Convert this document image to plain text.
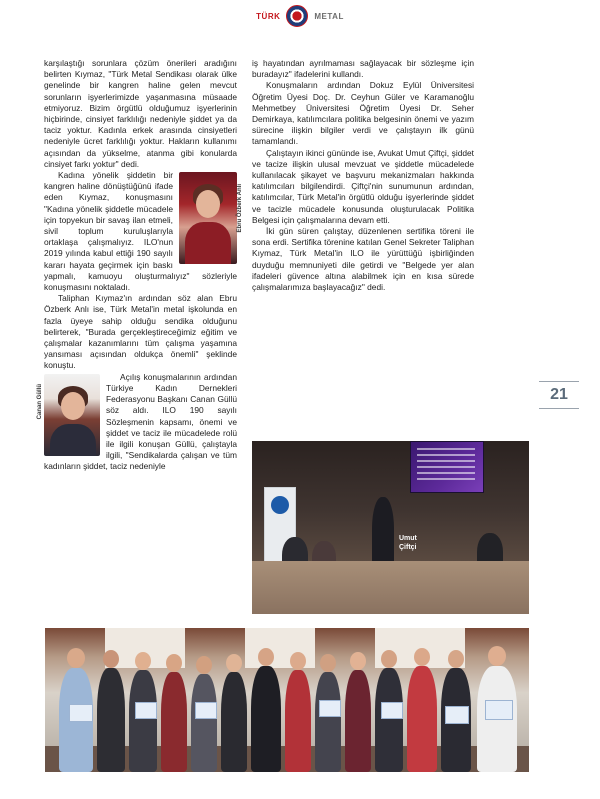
TÜRK	METAL

karşılaştığı sorunlara çözüm önerileri aradığını belirten Kıymaz, "Türk Metal Sendikası olarak ülke genelinde bir kangren haline gelen mevcut sorunların işyerlerimizde yaşanmasına müsaade etmiyoruz. Bizim örgütlü olduğumuz işyerlerinin hiçbirinde, cinsiyet farklılığı nedeniyle şiddet ya da taciz yoktur. Kadınla erkek arasında cinsiyetleri nedeniyle ücret farklılığı yoktur. Hakların kullanımı açısından da yükselme, atanma gibi konularda cinsiyet farkı yoktur" dedi.

Ebru Özberk Anlı
Kadına yönelik şiddetin bir kangren haline dönüştüğünü ifade eden Kıymaz, konuşmasını "Kadına yönelik şiddetle mücadele için topyekun bir savaş ilan etmeli, sivil toplum kuruluşlarıyla ortaklaşa çalışmalıyız. ILO'nun 2019 yılında kabul ettiği 190 sayılı kararı hayata geçirmek için baskı yapmalı, kamuoyu oluşturmalıyız" sözleriyle konuşmasını noktaladı.

Taliphan Kıymaz'ın ardından söz alan Ebru Özberk Anlı ise, Türk Metal'in metal işkolunda en fazla üyeye sahip olduğu sendika olduğunu belirterek, "Burada gerçekleştireceğimiz eğitim ve çalışmalar kazanımlarını tüm çalışma yaşamına yansıması açısından oldukça önemli" şeklinde konuştu.

Canan Güllü
Açılış konuşmalarının ardından Türkiye Kadın Dernekleri Federasyonu Başkanı Canan Güllü söz aldı. ILO 190 sayılı Sözleşmenin kapsamı, önemi ve şiddet ve taciz ile mücadelede rolü ile ilgili konuşan Güllü, çalıştayla ilgili, "Sendikalarda çalışan ve tüm kadınların şiddet, taciz nedeniyle

iş hayatından ayrılmaması sağlayacak bir sözleşme için buradayız" ifadelerini kullandı.

Konuşmaların ardından Dokuz Eylül Üniversitesi Öğretim Üyesi Doç. Dr. Ceyhun Güler ve Karamanoğlu Mehmetbey Üniversitesi Öğretim Üyesi Dr. Seher Demirkaya, katılımcılara politika belgesinin önemi ve yazım sürecine ilişkin bilgiler verdi ve çalıştayın ilk günü tamamlandı.

Çalıştayın ikinci gününde ise, Avukat Umut Çiftçi, şiddet ve tacize ilişkin ulusal mevzuat ve şiddetle mücadelede kullanılacak şikayet ve başvuru mekanizmaları hakkında katılımcıları bilgilendirdi. Çiftçi'nin sunumunun ardından, katılımcılar, Türk Metal'in örgütlü olduğu işyerlerinde şiddet ve tacizle mücadele konusunda oluşturulacak Politika Belgesi için çalışmalarına devam etti.

İki gün süren çalıştay, düzenlenen sertifika töreni ile sona erdi. Sertifika törenine katılan Genel Sekreter Taliphan Kıymaz, Türk Metal'in ILO ile yürüttüğü işbirliğinden duyduğu memnuniyeti dile getirdi ve "Belgede yer alan ifadeleri güvence altına alabilmek için en kısa sürede çalışmalarımıza başlayacağız" dedi.

21
Umut
Çiftçi
